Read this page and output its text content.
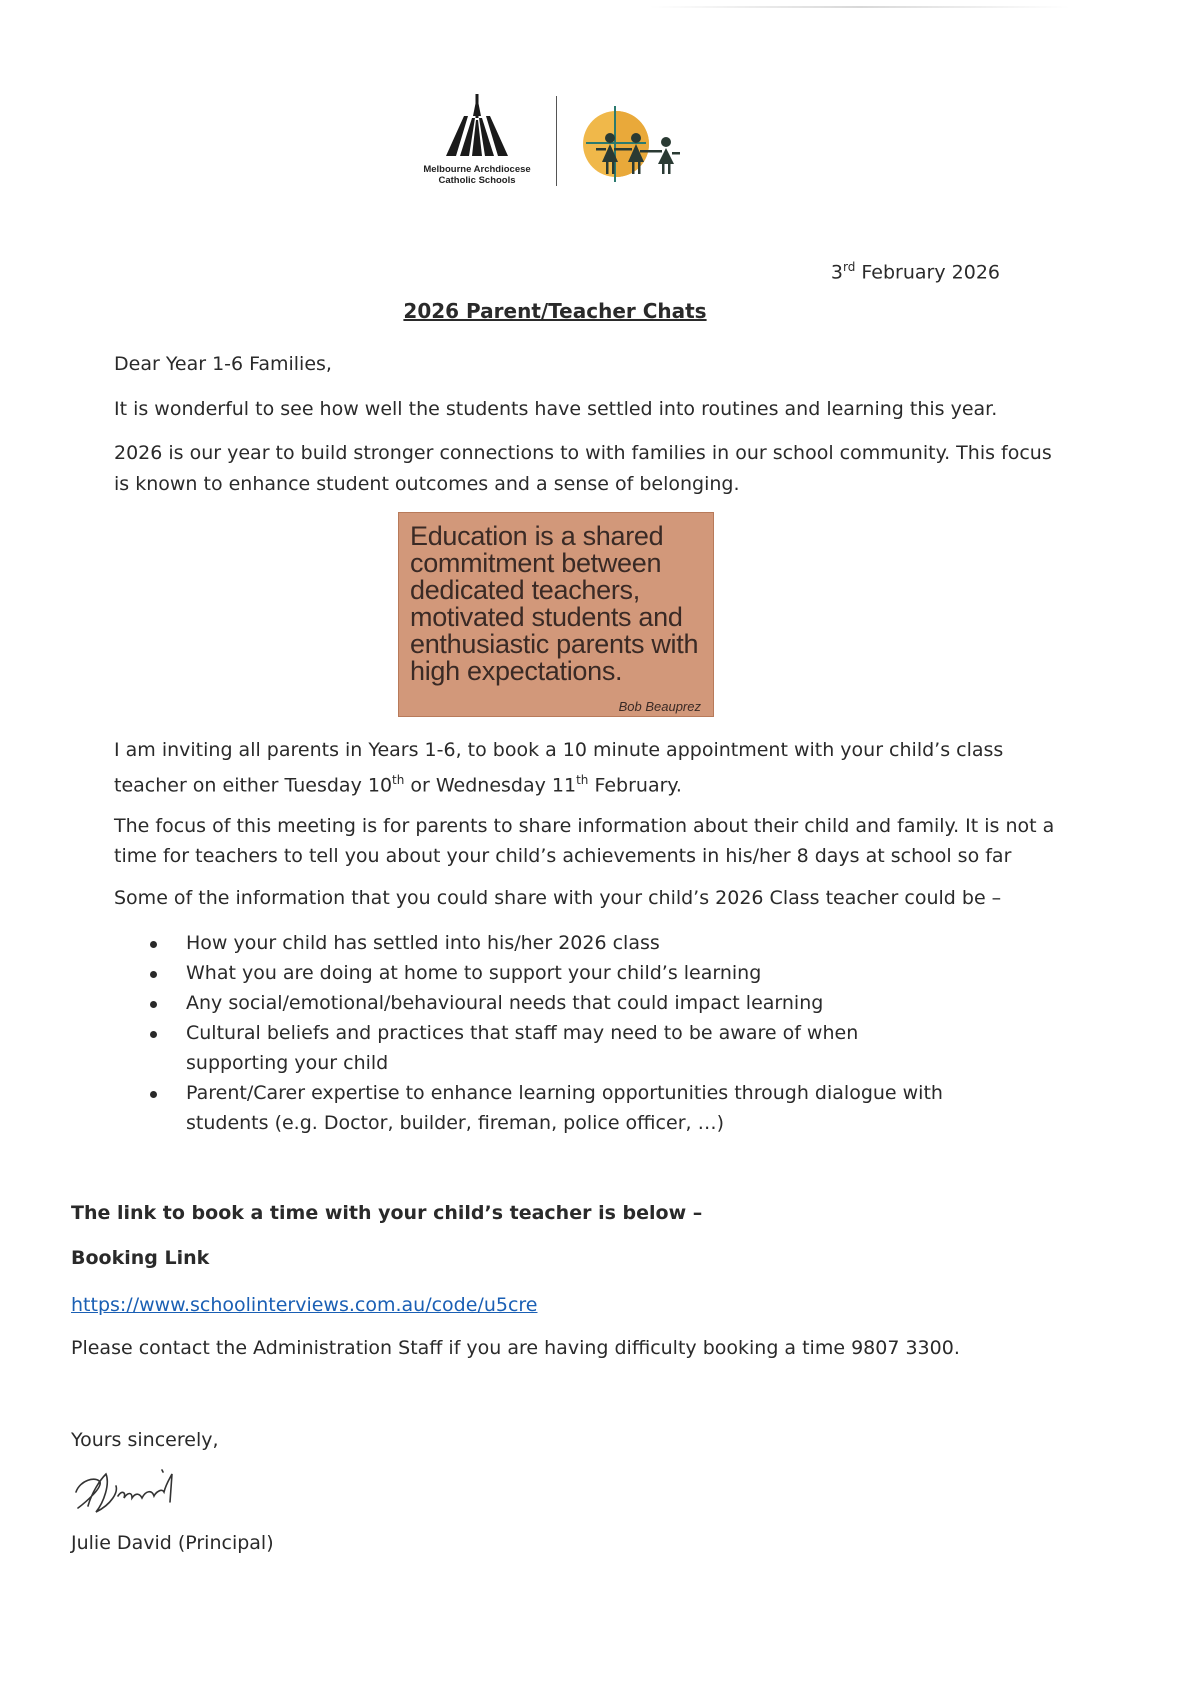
Melbourne Archdiocese
Catholic Schools
3rd February 2026
2026 Parent/Teacher Chats
Dear Year 1-6 Families,
It is wonderful to see how well the students have settled into routines and learning this year.
2026 is our year to build stronger connections to with families in our school community. This focus
is known to enhance student outcomes and a sense of belonging.
Education is a shared
commitment between
dedicated teachers,
motivated students and
enthusiastic parents with
high expectations.
Bob Beauprez
I am inviting all parents in Years 1-6, to book a 10 minute appointment with your child’s class
teacher on either Tuesday 10th or Wednesday 11th February.
The focus of this meeting is for parents to share information about their child and family. It is not a
time for teachers to tell you about your child’s achievements in his/her 8 days at school so far
Some of the information that you could share with your child’s 2026 Class teacher could be –
How your child has settled into his/her 2026 class
What you are doing at home to support your child’s learning
Any social/emotional/behavioural needs that could impact learning
Cultural beliefs and practices that staff may need to be aware of when supporting your child
Parent/Carer expertise to enhance learning opportunities through dialogue with students (e.g. Doctor, builder, fireman, police officer, …)
The link to book a time with your child’s teacher is below –
Booking Link
https://www.schoolinterviews.com.au/code/u5cre
Please contact the Administration Staff if you are having difficulty booking a time 9807 3300.
Yours sincerely,
Julie David (Principal)
